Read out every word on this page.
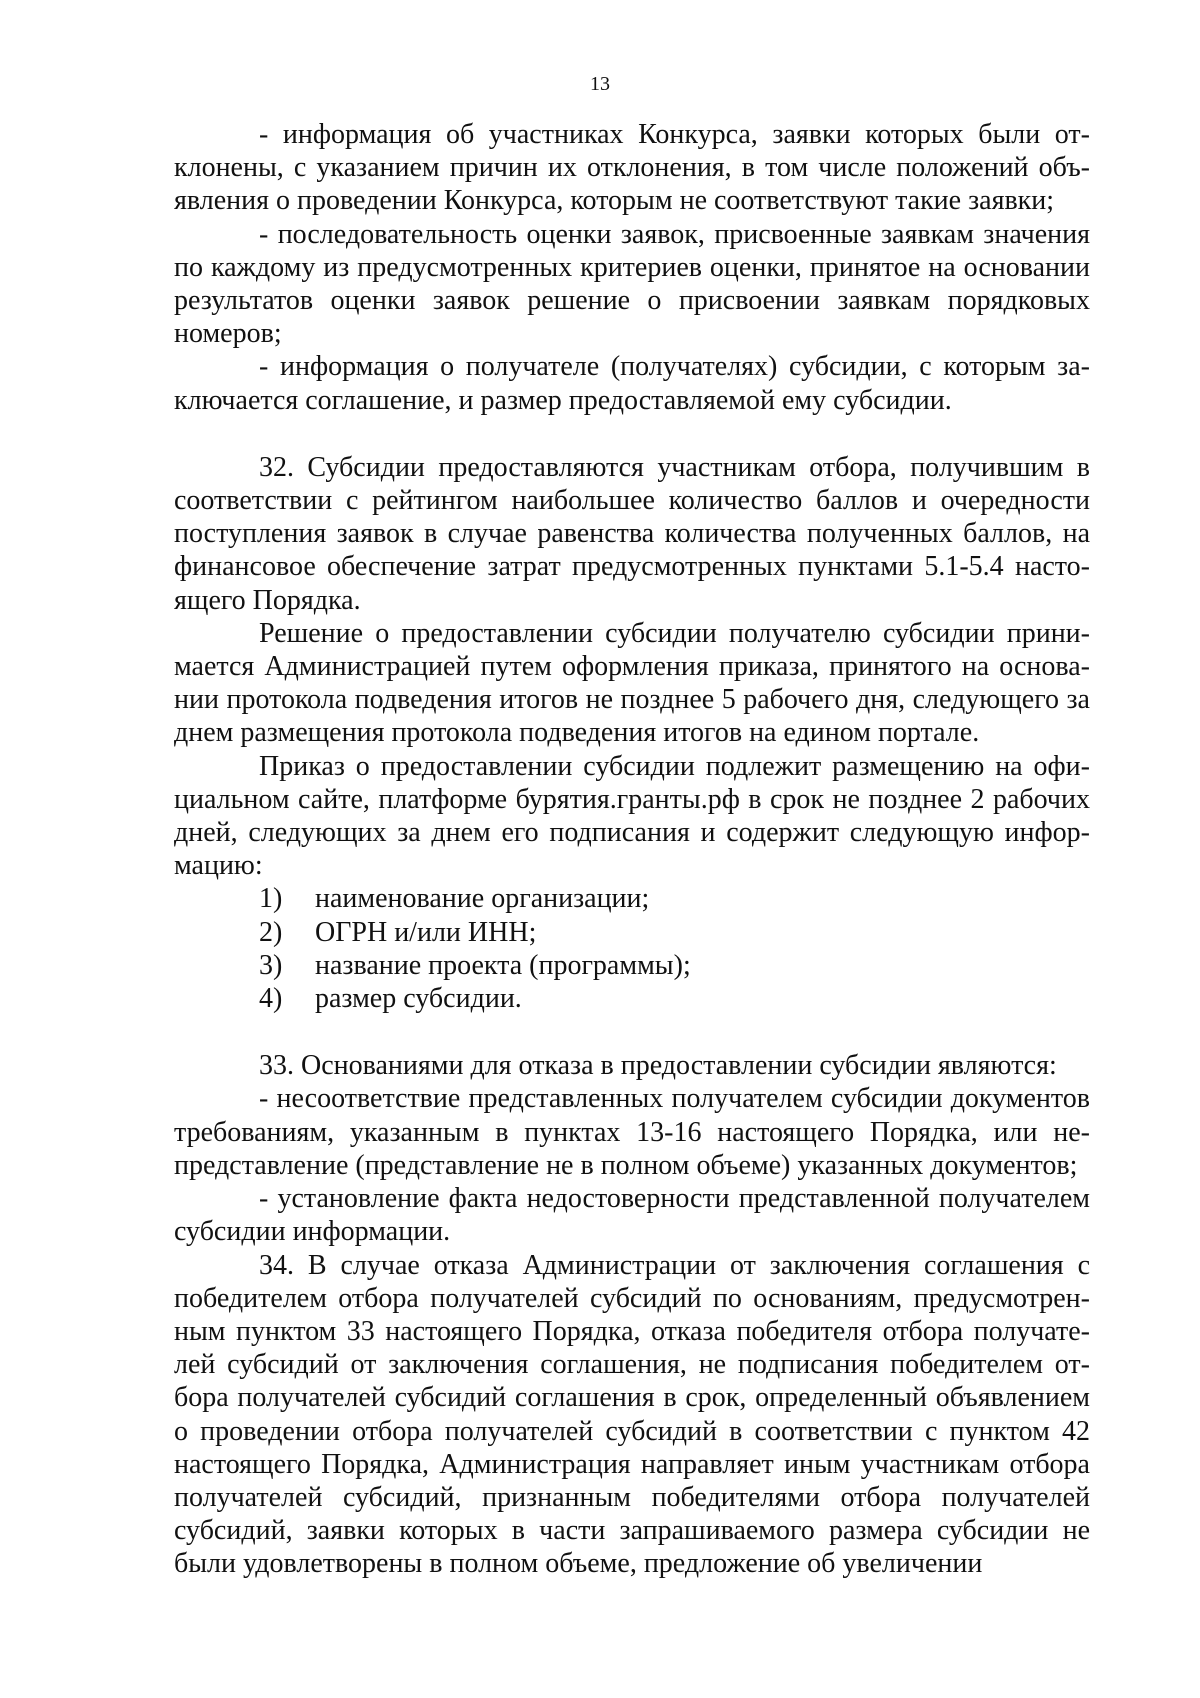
13

- информация об участниках Конкурса, заявки которых были отклонены, с указанием причин их отклонения, в том числе положений объявления о проведении Конкурса, которым не соответствуют такие заявки;

- последовательность оценки заявок, присвоенные заявкам значения по каждому из предусмотренных критериев оценки, принятое на основании результатов оценки заявок решение о присвоении заявкам порядковых номеров;

- информация о получателе (получателях) субсидии, с которым заключается соглашение, и размер предоставляемой ему субсидии.

32. Субсидии предоставляются участникам отбора, получившим в соответствии с рейтингом наибольшее количество баллов и очередности поступления заявок в случае равенства количества полученных баллов, на финансовое обеспечение затрат предусмотренных пунктами 5.1-5.4 настоящего Порядка.

Решение о предоставлении субсидии получателю субсидии принимается Администрацией путем оформления приказа, принятого на основании протокола подведения итогов не позднее 5 рабочего дня, следующего за днем размещения протокола подведения итогов на едином портале.

Приказ о предоставлении субсидии подлежит размещению на официальном сайте, платформе бурятия.гранты.рф в срок не позднее 2 рабочих дней, следующих за днем его подписания и содержит следующую информацию:

1)	наименование организации;
2)	ОГРН и/или ИНН;
3)	название проекта (программы);
4)	размер субсидии.

33. Основаниями для отказа в предоставлении субсидии являются:

- несоответствие представленных получателем субсидии документов требованиям, указанным в пунктах 13-16 настоящего Порядка, или непредставление (представление не в полном объеме) указанных документов;

- установление факта недостоверности представленной получателем субсидии информации.

34. В случае отказа Администрации от заключения соглашения с победителем отбора получателей субсидий по основаниям, предусмотренным пунктом 33 настоящего Порядка, отказа победителя отбора получателей субсидий от заключения соглашения, не подписания победителем отбора получателей субсидий соглашения в срок, определенный объявлением о проведении отбора получателей субсидий в соответствии с пунктом 42 настоящего Порядка, Администрация направляет иным участникам отбора получателей субсидий, признанным победителями отбора получателей субсидий, заявки которых в части запрашиваемого размера субсидии не были удовлетворены в полном объеме, предложение об увеличении
